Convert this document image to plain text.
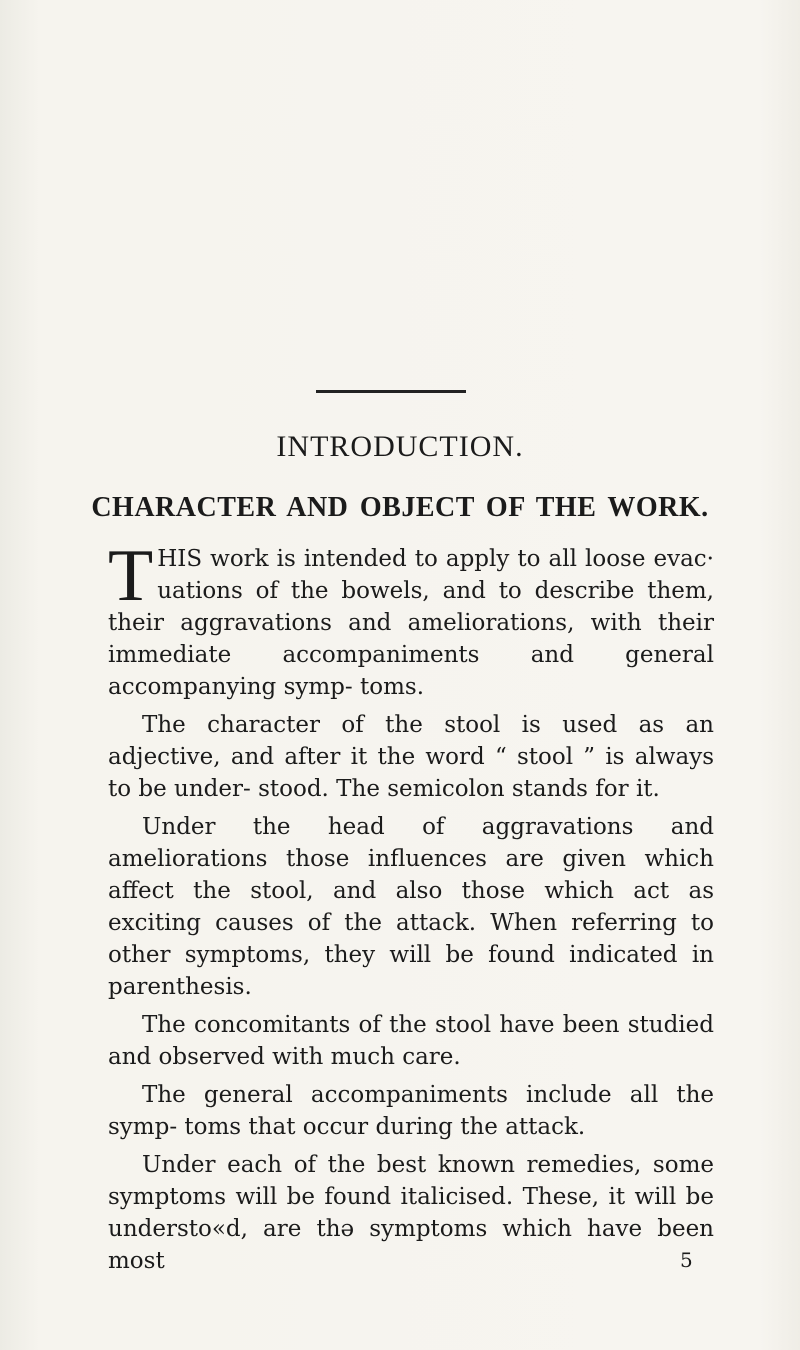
INTRODUCTION.
CHARACTER AND OBJECT OF THE WORK.

THIS work is intended to apply to all loose evac· uations of the bowels, and to describe them, their aggravations and ameliorations, with their immediate accompaniments and general accompanying symp- toms.

The character of the stool is used as an adjective, and after it the word “ stool ” is always to be under- stood. The semicolon stands for it.

Under the head of aggravations and ameliorations those influences are given which affect the stool, and also those which act as exciting causes of the attack. When referring to other symptoms, they will be found indicated in parenthesis.

The concomitants of the stool have been studied and observed with much care.

The general accompaniments include all the symp- toms that occur during the attack.

Under each of the best known remedies, some symptoms will be found italicised. These, it will be understo«d, are thə symptoms which have been most	5
